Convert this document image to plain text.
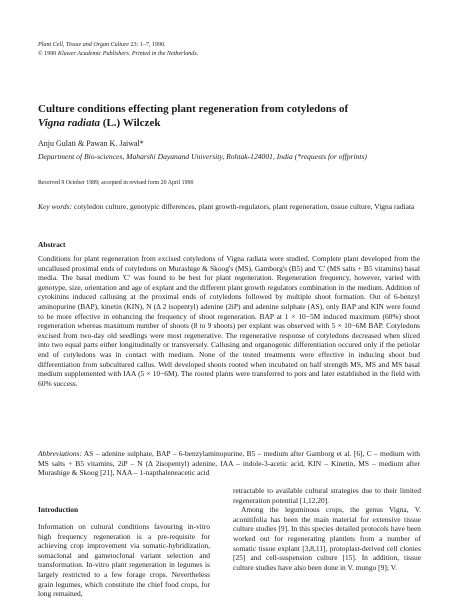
Plant Cell, Tissue and Organ Culture 23: 1–7, 1990.
© 1990 Kluwer Academic Publishers. Printed in the Netherlands.
Culture conditions effecting plant regeneration from cotyledons of
Vigna radiata (L.) Wilczek
Anju Gulati & Pawan K. Jaiwal*
Department of Bio-sciences, Maharshi Dayanand University, Rohtak-124001, India (*requests for offprints)
Received 9 October 1989; accepted in revised form 20 April 1990
Key words: cotyledon culture, genotypic differences, plant growth-regulators, plant regeneration, tissue culture, Vigna radiata
Abstract
Conditions for plant regeneration from excised cotyledons of Vigna radiata were studied. Complete plant developed from the uncallused proximal ends of cotyledons on Murashige & Skoog's (MS), Gamborg's (B5) and 'C' (MS salts + B5 vitamins) basal media. The basal medium 'C' was found to be best for plant regeneration. Regeneration frequency, however, varied with genotype, size, orientation and age of explant and the different plant growth regulators combination in the medium. Addition of cytokinins induced callusing at the proximal ends of cotyledons followed by multiple shoot formation. Out of 6-benzyl aminopurine (BAP), kinetin (KIN), N (Δ 2 isopentyl) adenine (2iP) and adenine sulphate (AS), only BAP and KIN were found to be more effective in enhancing the frequency of shoot regeneration. BAP at 1 × 10−5M induced maximum (60%) shoot regeneration whereas maximum number of shoots (8 to 9 shoots) per explant was observed with 5 × 10−6M BAP. Cotyledons excised from two-day old seedlings were most regenerative. The regenerative response of cotyledons decreased when sliced into two equal parts either longitudinally or transversely. Callusing and organogenic differentiation occured only if the petiolar end of cotyledons was in contact with medium. None of the tested treatments were effective in inducing shoot bud differentiation from subcultured callus. Well developed shoots rooted when incubated on half strength MS, MS and MS basal medium supplemented with IAA (5 × 10−6M). The rooted plants were transferred to pots and later established in the field with 60% success.
Abbreviations: AS – adenine sulphate, BAP – 6-benzylaminopurine, B5 – medium after Gamborg et al. [6], C – medium with MS salts + B5 vitamins, 2iP – N (Δ 2isopentyl) adenine, IAA – indole-3-acetic acid, KIN – Kinetin, MS – medium after Murashige & Skoog [21], NAA – 1-napthaleneacetic acid
Introduction
Information on cultural conditions favouring in-vitro high frequency regeneration is a pre-requisite for achieving crop improvement via somatic-hybridization, somaclonal and gametoclonal variant selection and transformation. In-vitro plant regeneration in legumes is largely restricted to a few forage crops. Nevertheless grain legumes, which constitute the chief food crops, for long remained,

retractable to available cultural strategies due to their limited regeneration potential [1,12,20].

Among the leguminous crops, the genus Vigna, V. aconitifolia has been the main material for extensive tissue culture studies [9]. In this species detailed protocols have been worked out for regenerating plantlets from a number of somatic tissue explant [3,8,11], protoplast-derived cell clonies [25] and cell-suspension culture [15]. In addition, tissue culture studies have also been done in V. mungo [9]; V.
